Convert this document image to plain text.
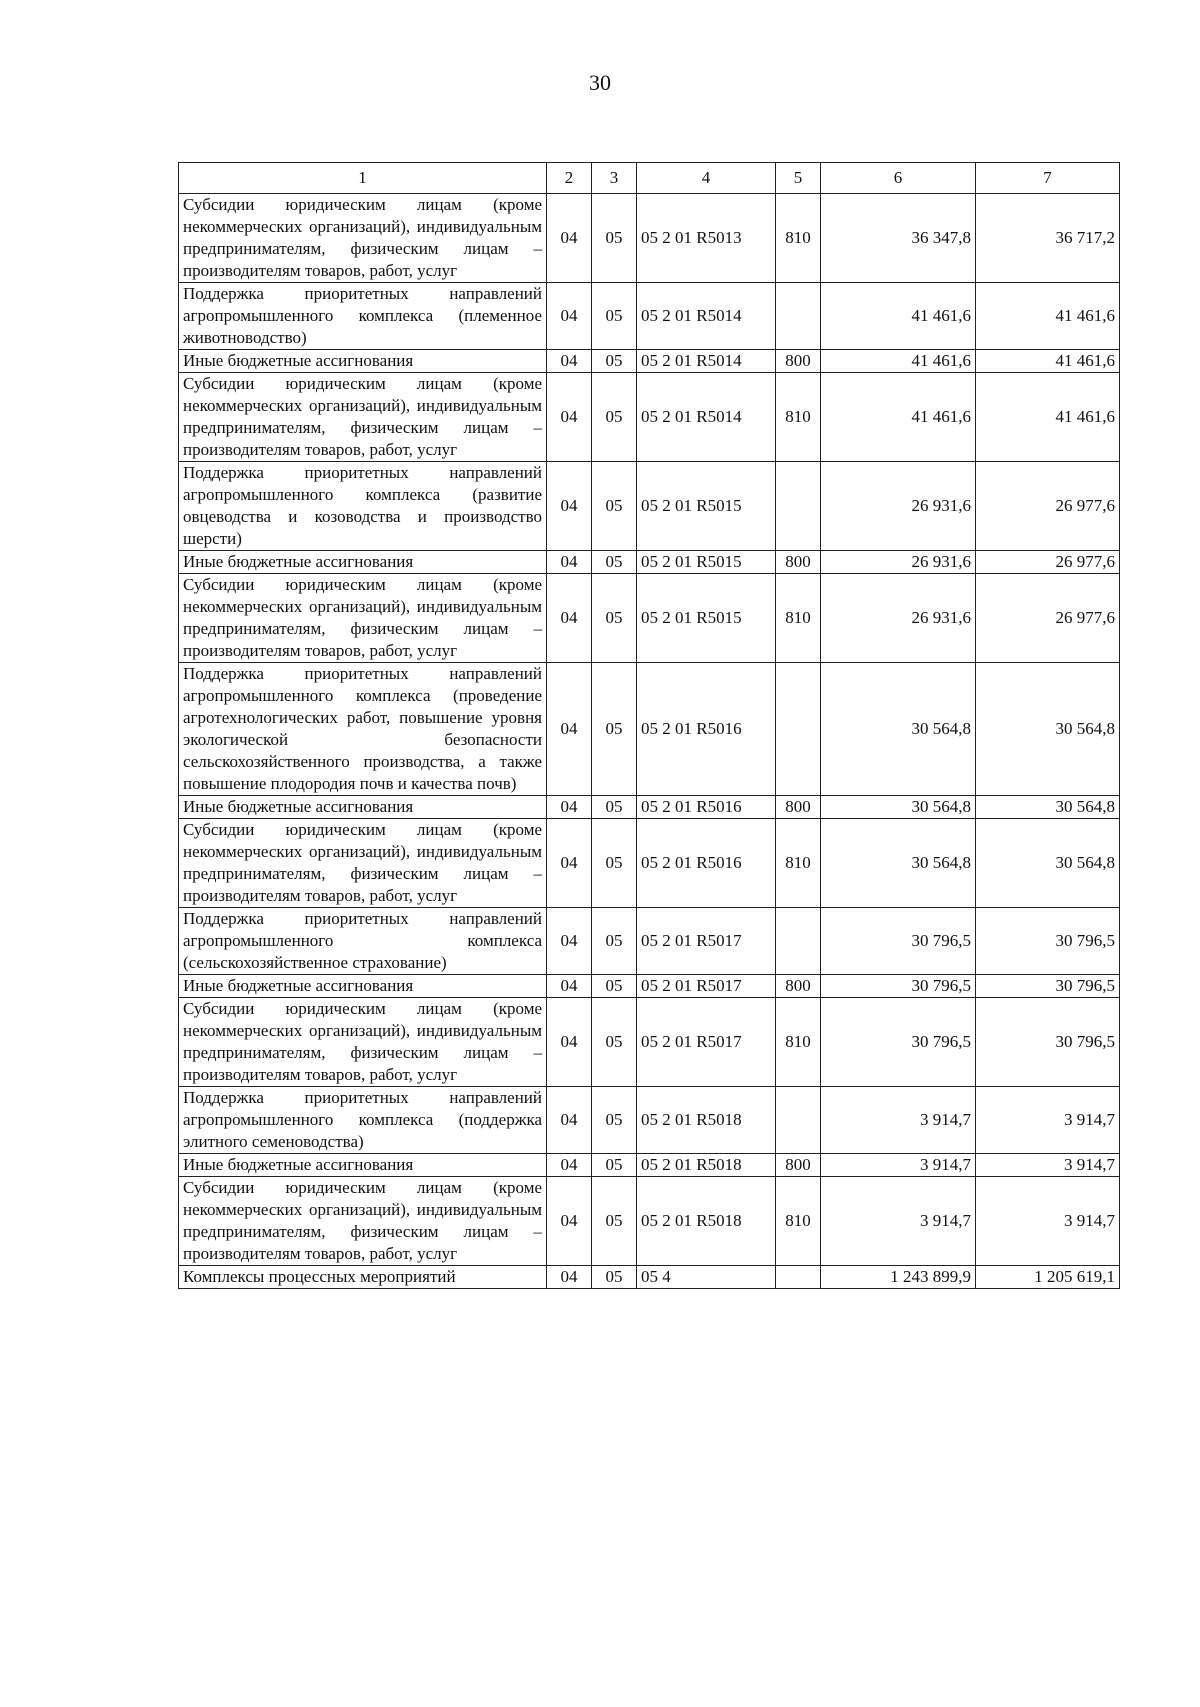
30
1	2	3	4	5	6	7
Субсидии юридическим лицам (кроме некоммерческих организаций), индивидуальным предпринимателям, физическим лицам – производителям товаров, работ, услуг	04	05	05 2 01 R5013	810	36 347,8	36 717,2
Поддержка приоритетных направлений агропромышленного комплекса (племенное животноводство)	04	05	05 2 01 R5014		41 461,6	41 461,6
Иные бюджетные ассигнования	04	05	05 2 01 R5014	800	41 461,6	41 461,6
Субсидии юридическим лицам (кроме некоммерческих организаций), индивидуальным предпринимателям, физическим лицам – производителям товаров, работ, услуг	04	05	05 2 01 R5014	810	41 461,6	41 461,6
Поддержка приоритетных направлений агропромышленного комплекса (развитие овцеводства и козоводства и производство шерсти)	04	05	05 2 01 R5015		26 931,6	26 977,6
Иные бюджетные ассигнования	04	05	05 2 01 R5015	800	26 931,6	26 977,6
Субсидии юридическим лицам (кроме некоммерческих организаций), индивидуальным предпринимателям, физическим лицам – производителям товаров, работ, услуг	04	05	05 2 01 R5015	810	26 931,6	26 977,6
Поддержка приоритетных направлений агропромышленного комплекса (проведение агротехнологических работ, повышение уровня экологической безопасности сельскохозяйственного производства, а также повышение плодородия почв и качества почв)	04	05	05 2 01 R5016		30 564,8	30 564,8
Иные бюджетные ассигнования	04	05	05 2 01 R5016	800	30 564,8	30 564,8
Субсидии юридическим лицам (кроме некоммерческих организаций), индивидуальным предпринимателям, физическим лицам – производителям товаров, работ, услуг	04	05	05 2 01 R5016	810	30 564,8	30 564,8
Поддержка приоритетных направлений агропромышленного комплекса (сельскохозяйственное страхование)	04	05	05 2 01 R5017		30 796,5	30 796,5
Иные бюджетные ассигнования	04	05	05 2 01 R5017	800	30 796,5	30 796,5
Субсидии юридическим лицам (кроме некоммерческих организаций), индивидуальным предпринимателям, физическим лицам – производителям товаров, работ, услуг	04	05	05 2 01 R5017	810	30 796,5	30 796,5
Поддержка приоритетных направлений агропромышленного комплекса (поддержка элитного семеноводства)	04	05	05 2 01 R5018		3 914,7	3 914,7
Иные бюджетные ассигнования	04	05	05 2 01 R5018	800	3 914,7	3 914,7
Субсидии юридическим лицам (кроме некоммерческих организаций), индивидуальным предпринимателям, физическим лицам – производителям товаров, работ, услуг	04	05	05 2 01 R5018	810	3 914,7	3 914,7
Комплексы процессных мероприятий	04	05	05 4		1 243 899,9	1 205 619,1
